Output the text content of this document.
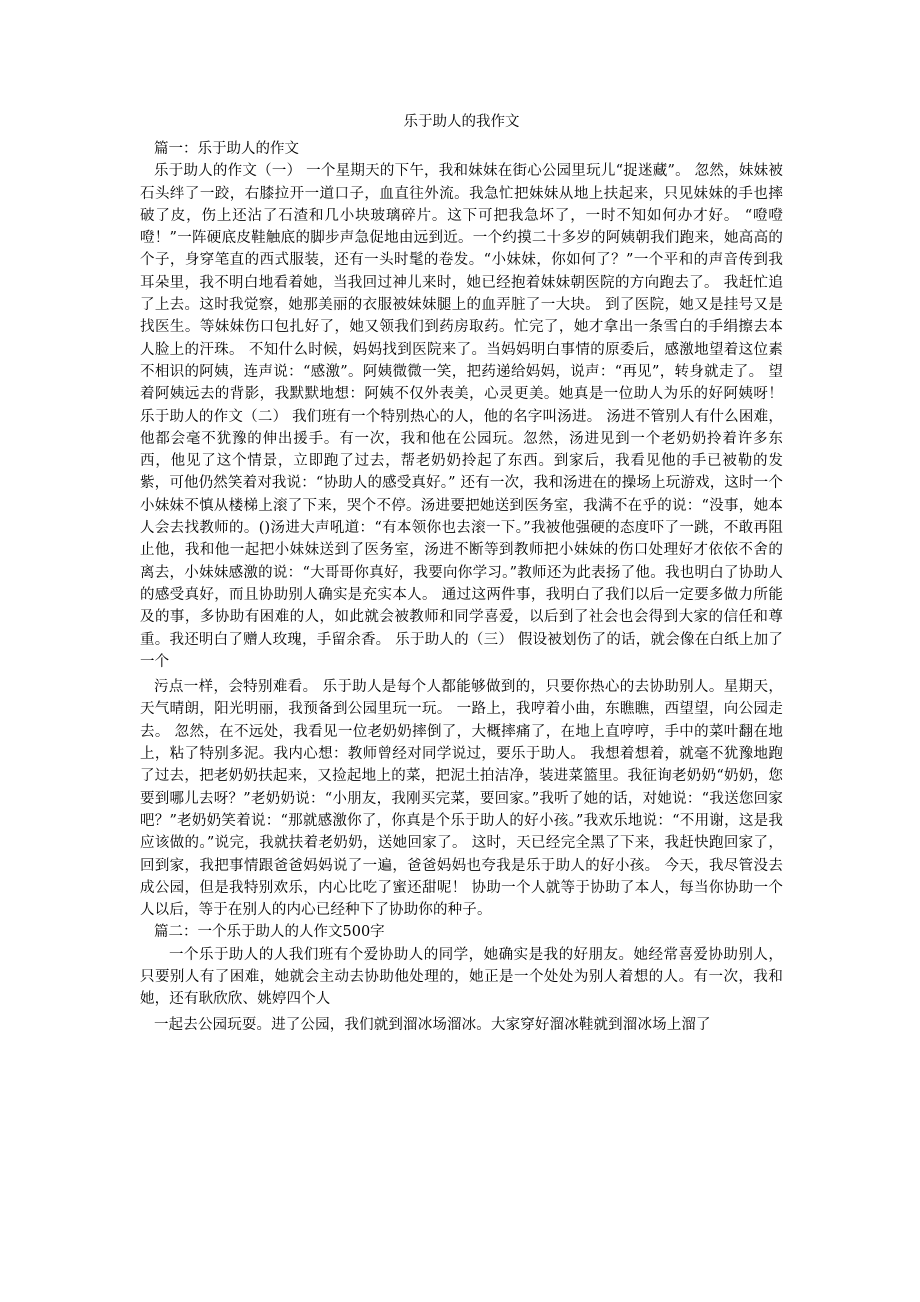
乐于助人的我作文

篇一：乐于助人的作文

乐于助人的作文（一） 一个星期天的下午，我和妹妹在街心公园里玩儿“捉迷藏”。 忽然，妹妹被石头绊了一跤，右膝拉开一道口子，血直往外流。我急忙把妹妹从地上扶起来，只见妹妹的手也摔破了皮，伤上还沾了石渣和几小块玻璃碎片。这下可把我急坏了，一时不知如何办才好。 “噔噔噔！”一阵硬底皮鞋触底的脚步声急促地由远到近。一个约摸二十多岁的阿姨朝我们跑来，她高高的个子，身穿笔直的西式服装，还有一头时髦的卷发。“小妹妹，你如何了？”一个平和的声音传到我耳朵里，我不明白地看着她，当我回过神儿来时，她已经抱着妹妹朝医院的方向跑去了。 我赶忙追了上去。这时我觉察，她那美丽的衣服被妹妹腿上的血弄脏了一大块。 到了医院，她又是挂号又是找医生。等妹妹伤口包扎好了，她又领我们到药房取药。忙完了，她才拿出一条雪白的手绢擦去本人脸上的汗珠。 不知什么时候，妈妈找到医院来了。当妈妈明白事情的原委后，感激地望着这位素不相识的阿姨，连声说：“感激”。阿姨微微一笑，把药递给妈妈，说声：“再见”，转身就走了。 望着阿姨远去的背影，我默默地想：阿姨不仅外表美，心灵更美。她真是一位助人为乐的好阿姨呀！乐于助人的作文（二） 我们班有一个特别热心的人，他的名字叫汤进。 汤进不管别人有什么困难，他都会毫不犹豫的伸出援手。有一次，我和他在公园玩。忽然，汤进见到一个老奶奶拎着许多东西，他见了这个情景，立即跑了过去，帮老奶奶拎起了东西。到家后，我看见他的手已被勒的发紫，可他仍然笑着对我说：“协助人的感受真好。” 还有一次，我和汤进在的操场上玩游戏，这时一个小妹妹不慎从楼梯上滚了下来，哭个不停。汤进要把她送到医务室，我满不在乎的说：“没事，她本人会去找教师的。()汤进大声吼道：“有本领你也去滚一下。”我被他强硬的态度吓了一跳，不敢再阻止他，我和他一起把小妹妹送到了医务室，汤进不断等到教师把小妹妹的伤口处理好才依依不舍的离去，小妹妹感激的说：“大哥哥你真好，我要向你学习。”教师还为此表扬了他。我也明白了协助人的感受真好，而且协助别人确实是充实本人。 通过这两件事，我明白了我们以后一定要多做力所能及的事，多协助有困难的人，如此就会被教师和同学喜爱，以后到了社会也会得到大家的信任和尊重。我还明白了赠人玫瑰，手留余香。 乐于助人的（三） 假设被划伤了的话，就会像在白纸上加了一个

污点一样，会特别难看。 乐于助人是每个人都能够做到的，只要你热心的去协助别人。星期天，天气晴朗，阳光明丽，我预备到公园里玩一玩。 一路上，我哼着小曲，东瞧瞧，西望望，向公园走去。 忽然，在不远处，我看见一位老奶奶摔倒了，大概摔痛了，在地上直哼哼，手中的菜叶翻在地上，粘了特别多泥。我内心想：教师曾经对同学说过，要乐于助人。 我想着想着，就毫不犹豫地跑了过去，把老奶奶扶起来，又捡起地上的菜，把泥土拍洁净，装进菜篮里。我征询老奶奶“奶奶，您要到哪儿去呀？”老奶奶说：“小朋友，我刚买完菜，要回家。”我听了她的话，对她说：“我送您回家吧？”老奶奶笑着说：“那就感激你了，你真是个乐于助人的好小孩。”我欢乐地说：“不用谢，这是我应该做的。”说完，我就扶着老奶奶，送她回家了。 这时，天已经完全黑了下来，我赶快跑回家了，回到家，我把事情跟爸爸妈妈说了一遍，爸爸妈妈也夸我是乐于助人的好小孩。 今天，我尽管没去成公园，但是我特别欢乐，内心比吃了蜜还甜呢！ 协助一个人就等于协助了本人，每当你协助一个人以后，等于在别人的内心已经种下了协助你的种子。

篇二：一个乐于助人的人作文500字

一个乐于助人的人我们班有个爱协助人的同学，她确实是我的好朋友。她经常喜爱协助别人，只要别人有了困难，她就会主动去协助他处理的，她正是一个处处为别人着想的人。有一次，我和她，还有耿欣欣、姚婷四个人

一起去公园玩耍。进了公园，我们就到溜冰场溜冰。大家穿好溜冰鞋就到溜冰场上溜了
